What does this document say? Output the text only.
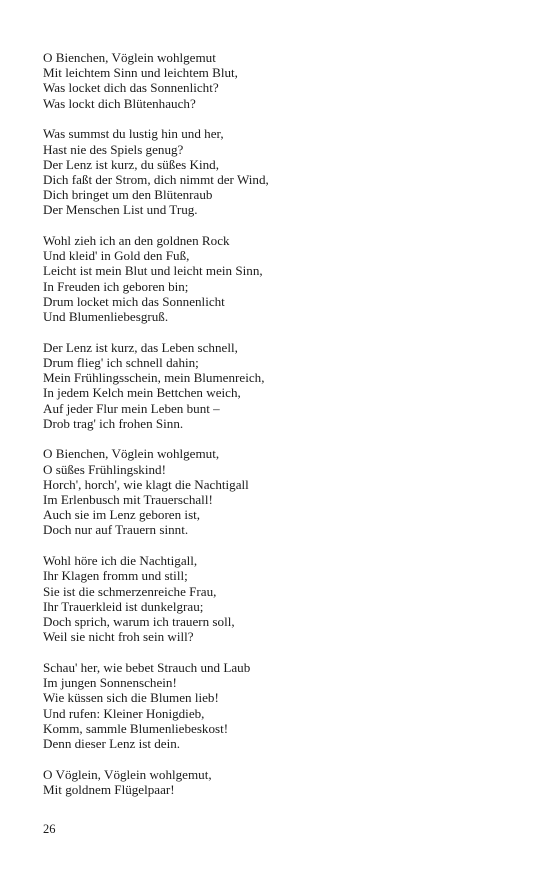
O Bienchen, Vöglein wohlgemut
Mit leichtem Sinn und leichtem Blut,
Was locket dich das Sonnenlicht?
Was lockt dich Blütenhauch?
Was summst du lustig hin und her,
Hast nie des Spiels genug?
Der Lenz ist kurz, du süßes Kind,
Dich faßt der Strom, dich nimmt der Wind,
Dich bringet um den Blütenraub
Der Menschen List und Trug.
Wohl zieh ich an den goldnen Rock
Und kleid' in Gold den Fuß,
Leicht ist mein Blut und leicht mein Sinn,
In Freuden ich geboren bin;
Drum locket mich das Sonnenlicht
Und Blumenliebesgruß.
Der Lenz ist kurz, das Leben schnell,
Drum flieg' ich schnell dahin;
Mein Frühlingsschein, mein Blumenreich,
In jedem Kelch mein Bettchen weich,
Auf jeder Flur mein Leben bunt –
Drob trag' ich frohen Sinn.
O Bienchen, Vöglein wohlgemut,
O süßes Frühlingskind!
Horch', horch', wie klagt die Nachtigall
Im Erlenbusch mit Trauerschall!
Auch sie im Lenz geboren ist,
Doch nur auf Trauern sinnt.
Wohl höre ich die Nachtigall,
Ihr Klagen fromm und still;
Sie ist die schmerzenreiche Frau,
Ihr Trauerkleid ist dunkelgrau;
Doch sprich, warum ich trauern soll,
Weil sie nicht froh sein will?
Schau' her, wie bebet Strauch und Laub
Im jungen Sonnenschein!
Wie küssen sich die Blumen lieb!
Und rufen: Kleiner Honigdieb,
Komm, sammle Blumenliebeskost!
Denn dieser Lenz ist dein.
O Vöglein, Vöglein wohlgemut,
Mit goldnem Flügelpaar!
26
